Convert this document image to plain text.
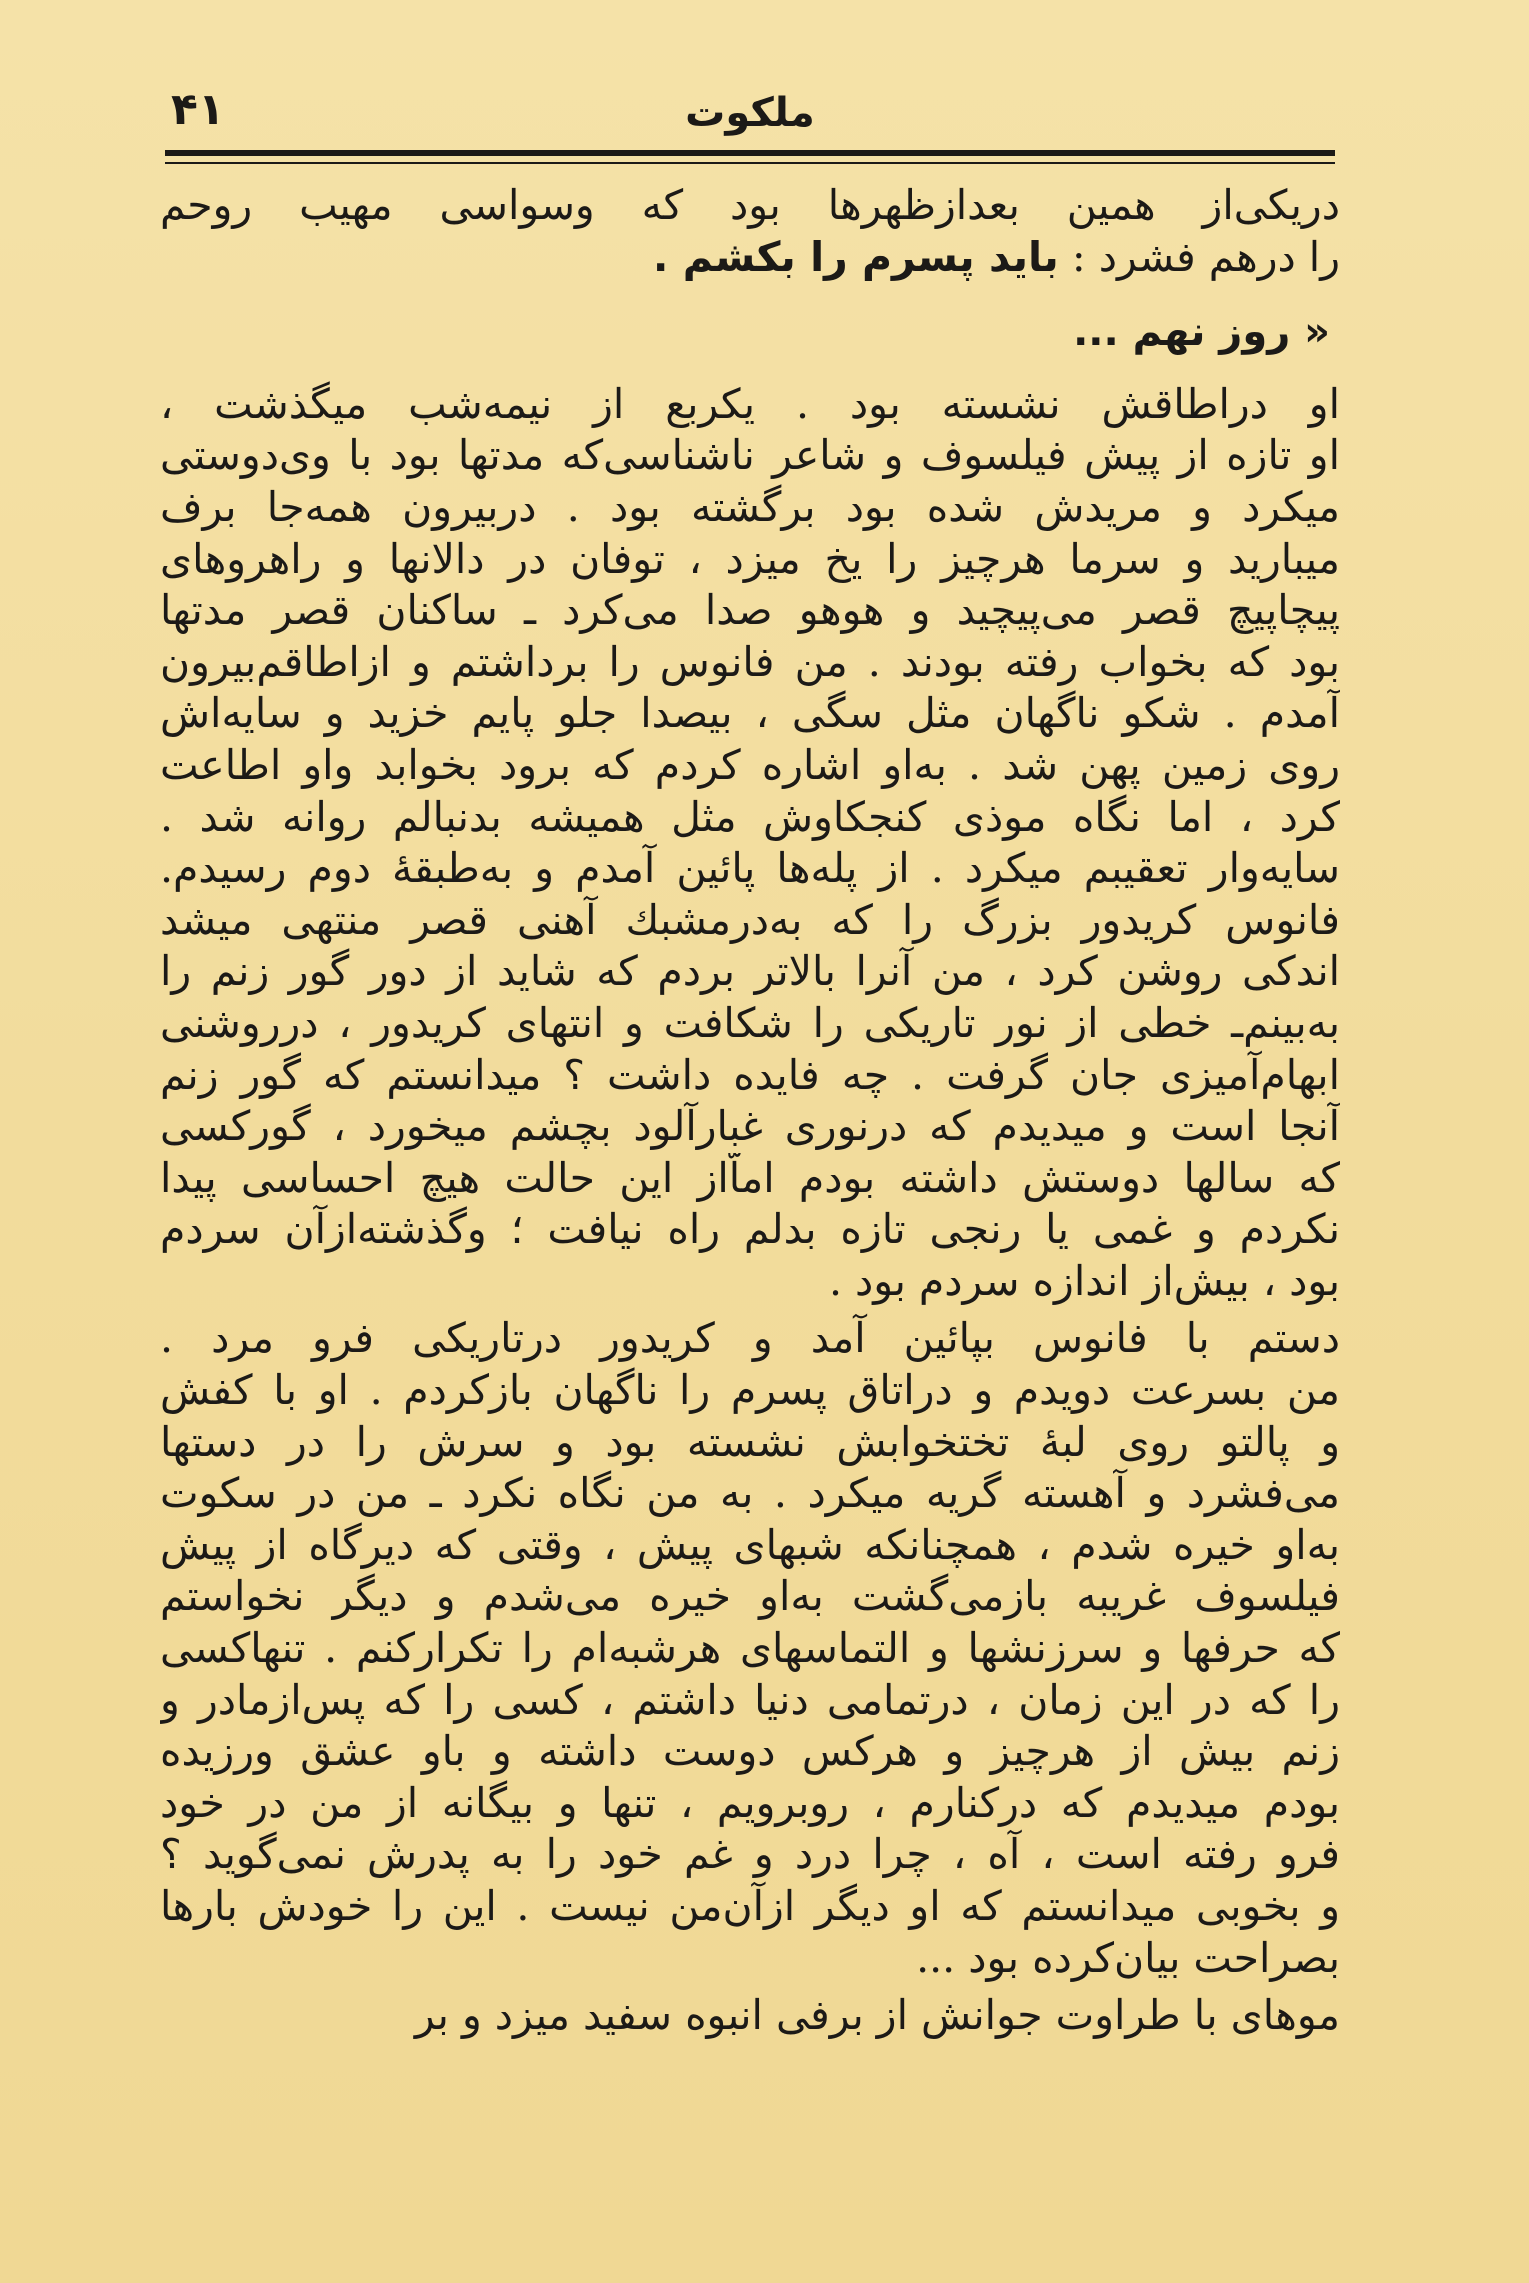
ملکوت
۴۱

دریکی‌از همین بعدازظهرها بود که وسواسی مهیب روحم
را درهم فشرد : باید پسرم را بکشم .

« روز نهم ...

او دراطاقش نشسته بود . یکربع از نیمه‌شب میگذشت ،
او تازه از پیش فیلسوف و شاعر ناشناسی‌که مدتها بود با وی‌دوستی
میکرد و مریدش شده بود برگشته بود . دربیرون همه‌جا برف
میبارید و سرما هرچیز را یخ میزد ، توفان در دالانها و راهروهای
پیچاپیچ قصر می‌پیچید و هوهو صدا می‌کرد ـ ساکنان قصر مدتها
بود که بخواب رفته بودند . من فانوس را برداشتم و ازاطاقم‌بیرون
آمدم . شکو ناگهان مثل سگی ، بیصدا جلو پایم خزید و سایه‌اش
روی زمین پهن شد . به‌او اشاره کردم که برود بخوابد واو اطاعت
کرد ، اما نگاه موذی کنجکاوش مثل همیشه بدنبالم روانه شد .
سایه‌وار تعقیبم میکرد . از پله‌ها پائین آمدم و به‌طبقهٔ دوم رسیدم.
فانوس کریدور بزرگ را که به‌درمشبك آهنی قصر منتهی میشد
اندکی روشن کرد ، من آنرا بالاتر بردم که شاید از دور گور زنم را
به‌بینم‌ـ خطی از نور تاریکی را شکافت و انتهای کریدور ، درروشنی
ابهام‌آمیزی جان گرفت . چه فایده داشت ؟ میدانستم که گور زنم
آنجا است و میدیدم که درنوری غبارآلود بچشم میخورد ، گورکسی
که سالها دوستش داشته بودم اماّاز این حالت هیچ احساسی پیدا
نکردم و غمی یا رنجی تازه بدلم راه نیافت ؛ وگذشته‌ازآن سردم
بود ، بیش‌از اندازه سردم بود .

دستم با فانوس بپائین آمد و کریدور درتاریکی فرو مرد .
من بسرعت دویدم و دراتاق پسرم را ناگهان بازکردم . او با کفش
و پالتو روی لبهٔ تختخوابش نشسته بود و سرش را در دستها
می‌فشرد و آهسته گریه میکرد . به من نگاه نکرد ـ من در سکوت
به‌او خیره شدم ، همچنانکه شبهای پیش ، وقتی که دیرگاه از پیش
فیلسوف غریبه بازمی‌گشت به‌او خیره می‌شدم و دیگر نخواستم
که حرفها و سرزنشها و التماسهای هرشبه‌ام را تکرارکنم . تنهاکسی
را که در این زمان ، درتمامی دنیا داشتم ، کسی را که پس‌ازمادر و
زنم بیش از هرچیز و هرکس دوست داشته و باو عشق ورزیده
بودم میدیدم که درکنارم ، روبرویم ، تنها و بیگانه از من در خود
فرو رفته است ، آه ، چرا درد و غم خود را به پدرش نمی‌گوید ؟
و بخوبی میدانستم که او دیگر ازآن‌من نیست . این را خودش بارها
بصراحت بیان‌کرده بود ...

موهای با طراوت جوانش از برفی انبوه سفید میزد و بر
